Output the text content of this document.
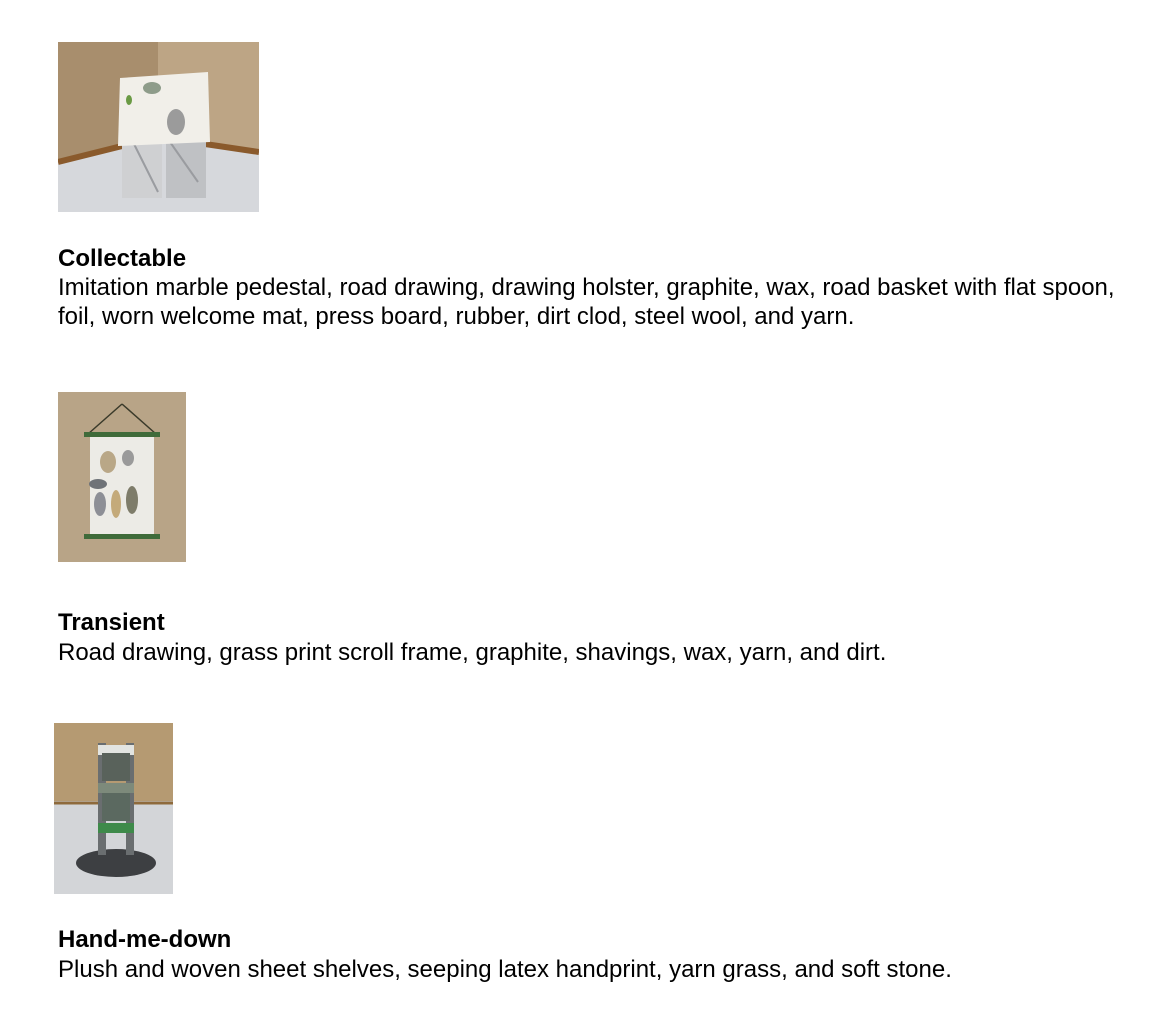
Collectable

Imitation marble pedestal, road drawing, drawing holster, graphite, wax, road basket with flat spoon, foil, worn welcome mat, press board, rubber, dirt clod, steel wool, and yarn.

Transient

Road drawing, grass print scroll frame, graphite, shavings, wax, yarn, and dirt.

Hand-me-down

Plush and woven sheet shelves, seeping latex handprint, yarn grass, and soft stone.
